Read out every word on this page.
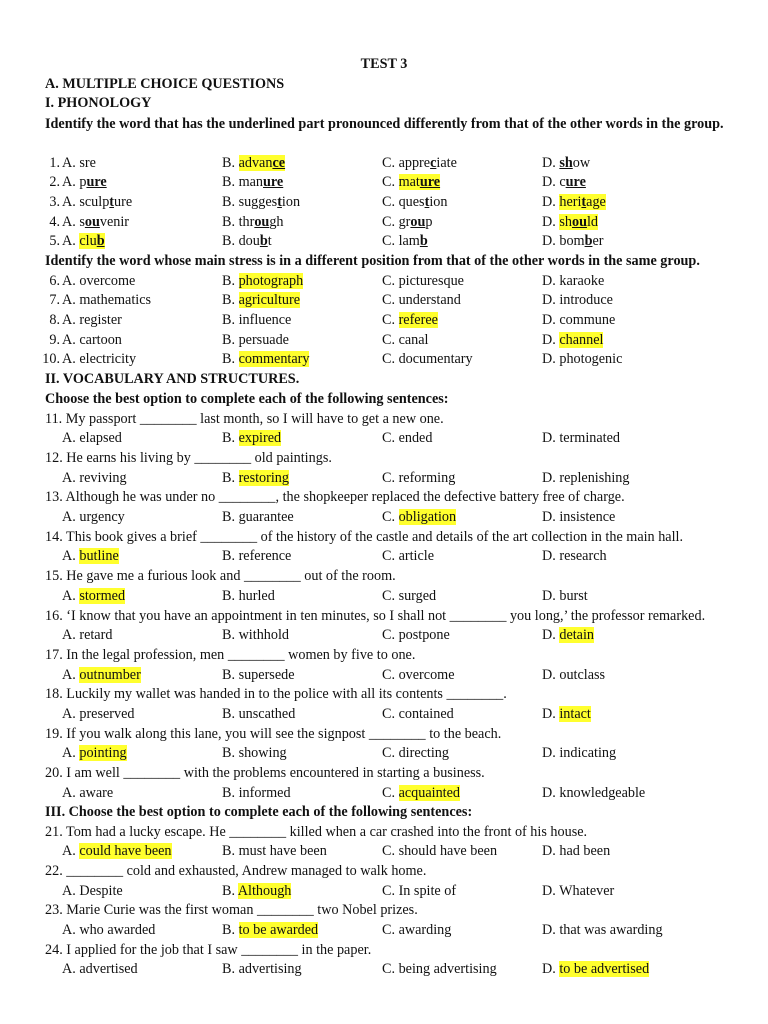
TEST 3
A. MULTIPLE CHOICE QUESTIONS
I. PHONOLOGY
Identify the word that has the underlined part pronounced differently from that of the other words in the group.
1. A. sre	B. advance	C. appreciate	D. show
2. A. pure	B. manure	C. mature	D. cure
3. A. sculpture	B. suggestion	C. question	D. heritage
4. A. souvenir	B. through	C. group	D. should
5. A. club	B. doubt	C. lamb	D. bomber
Identify the word whose main stress is in a different position from that of the other words in the same group.
6. A. overcome	B. photograph	C. picturesque	D. karaoke
7. A. mathematics	B. agriculture	C. understand	D. introduce
8. A. register	B. influence	C. referee	D. commune
9. A. cartoon	B. persuade	C. canal	D. channel
10. A. electricity	B. commentary	C. documentary	D. photogenic
II. VOCABULARY AND STRUCTURES.
Choose the best option to complete each of the following sentences:
11. My passport ________ last month, so I will have to get a new one.
A. elapsed	B. expired	C. ended	D. terminated
12. He earns his living by ________ old paintings.
A. reviving	B. restoring	C. reforming	D. replenishing
13. Although he was under no ________, the shopkeeper replaced the defective battery free of charge.
A. urgency	B. guarantee	C. obligation	D. insistence
14. This book gives a brief ________ of the history of the castle and details of the art collection in the main hall.
A. butline	B. reference	C. article	D. research
15. He gave me a furious look and ________ out of the room.
A. stormed	B. hurled	C. surged	D. burst
16. ‘I know that you have an appointment in ten minutes, so I shall not ________ you long,’ the professor remarked.
A. retard	B. withhold	C. postpone	D. detain
17. In the legal profession, men ________ women by five to one.
A. outnumber	B. supersede	C. overcome	D. outclass
18. Luckily my wallet was handed in to the police with all its contents ________.
A. preserved	B. unscathed	C. contained	D. intact
19. If you walk along this lane, you will see the signpost ________ to the beach.
A. pointing	B. showing	C. directing	D. indicating
20. I am well ________ with the problems encountered in starting a business.
A. aware	B. informed	C. acquainted	D. knowledgeable
III. Choose the best option to complete each of the following sentences:
21. Tom had a lucky escape. He ________ killed when a car crashed into the front of his house.
A. could have been	B. must have been	C. should have been	D. had been
22. ________ cold and exhausted, Andrew managed to walk home.
A. Despite	B. Although	C. In spite of	D. Whatever
23. Marie Curie was the first woman ________ two Nobel prizes.
A. who awarded	B. to be awarded	C. awarding	D. that was awarding
24. I applied for the job that I saw ________ in the paper.
A. advertised	B. advertising	C. being advertising	D. to be advertised
